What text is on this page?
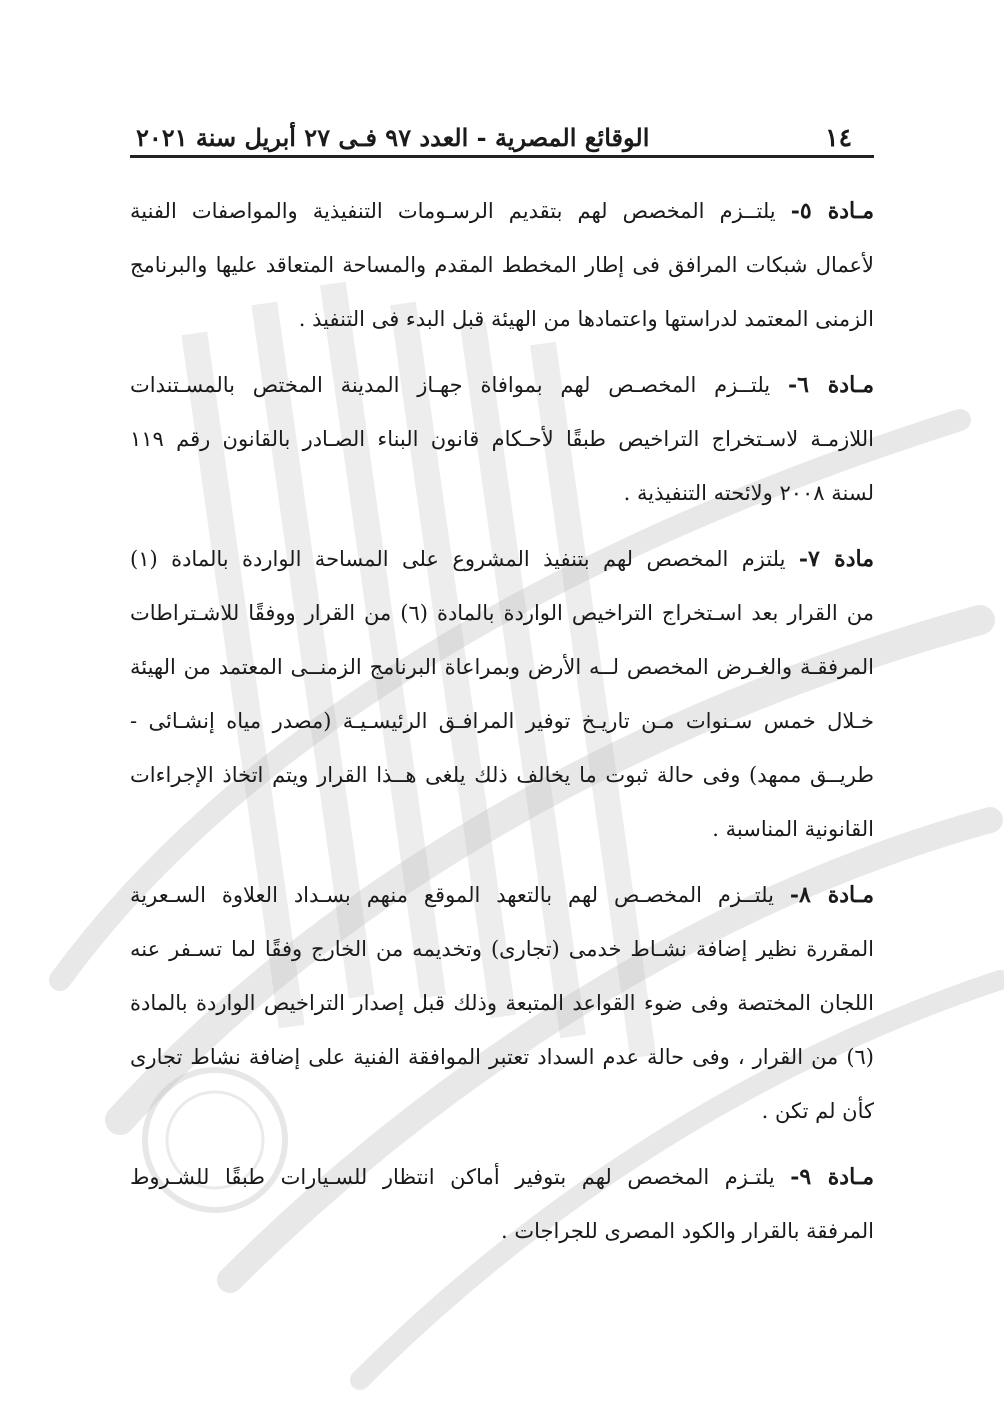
١٤
الوقائع المصرية - العدد ٩٧ فـى ٢٧ أبريل سنة ٢٠٢١
مـادة ٥- يلتــزم المخصص لهم بتقديم الرسـومات التنفيذية والمواصفات الفنية
لأعمال شبكات المرافق فى إطار المخطط المقدم والمساحة المتعاقد عليها والبرنامج
الزمنى المعتمد لدراستها واعتمادها من الهيئة قبل البدء فى التنفيذ .
مـادة ٦- يلتــزم المخصـص لهم بموافاة جهـاز المدينة المختص بالمسـتندات
اللازمـة لاسـتخراج التراخيص طبقًا لأحـكام قانون البناء الصـادر بالقانون رقم ١١٩
لسنة ٢٠٠٨ ولائحته التنفيذية .
مادة ٧- يلتزم المخصص لهم بتنفيذ المشروع على المساحة الواردة بالمادة (١)
من القرار بعد اسـتخراج التراخيص الواردة بالمادة (٦) من القرار ووفقًا للاشـتراطات
المرفقـة والغـرض المخصص لــه الأرض وبمراعاة البرنامج الزمنــى المعتمد من الهيئة
خـلال خمس سـنوات مـن تاريـخ توفير المرافـق الرئيسـيـة (مصدر مياه إنشـائى -
طريــق ممهد) وفى حالة ثبوت ما يخالف ذلك يلغى هــذا القرار ويتم اتخاذ الإجراءات
القانونية المناسبة .
مـادة ٨- يلتــزم المخصـص لهم بالتعهد الموقع منهم بسـداد العلاوة السـعرية
المقررة نظير إضافة نشـاط خدمى (تجارى) وتخديمه من الخارج وفقًا لما تسـفر عنه
اللجان المختصة وفى ضوء القواعد المتبعة وذلك قبل إصدار التراخيص الواردة بالمادة
(٦) من القرار ، وفى حالة عدم السداد تعتبر الموافقة الفنية على إضافة نشاط تجارى
كأن لم تكن .
مـادة ٩- يلتـزم المخصص لهم بتوفير أماكن انتظار للسـيارات طبقًا للشـروط
المرفقة بالقرار والكود المصرى للجراجات .
